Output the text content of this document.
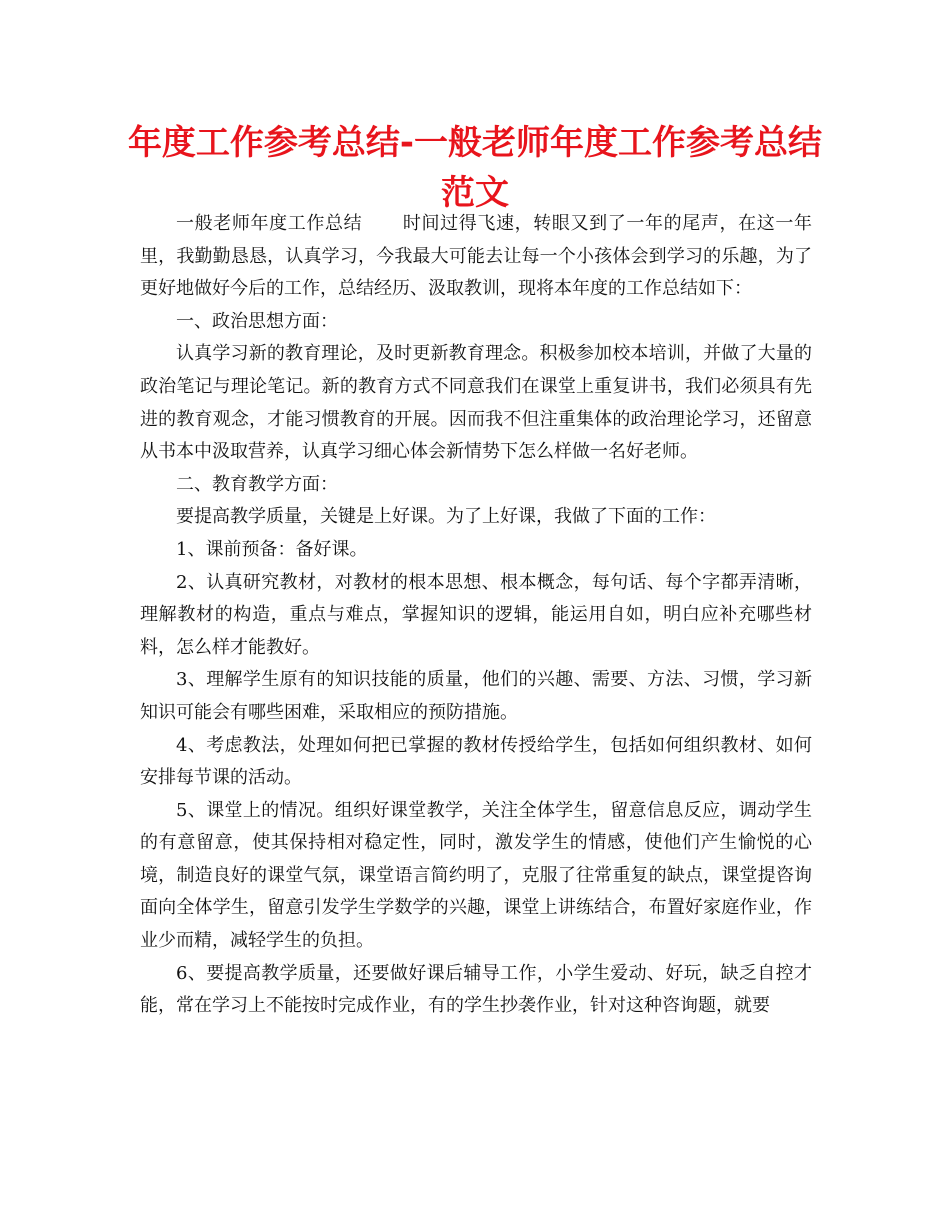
年度工作参考总结-一般老师年度工作参考总结范文

一般老师年度工作总结 时间过得飞速，转眼又到了一年的尾声，在这一年里，我勤勤恳恳，认真学习，今我最大可能去让每一个小孩体会到学习的乐趣，为了更好地做好今后的工作，总结经历、汲取教训，现将本年度的工作总结如下：

一、政治思想方面：

认真学习新的教育理论，及时更新教育理念。积极参加校本培训，并做了大量的政治笔记与理论笔记。新的教育方式不同意我们在课堂上重复讲书，我们必须具有先进的教育观念，才能习惯教育的开展。因而我不但注重集体的政治理论学习，还留意从书本中汲取营养，认真学习细心体会新情势下怎么样做一名好老师。

二、教育教学方面：

要提高教学质量，关键是上好课。为了上好课，我做了下面的工作：

1、课前预备：备好课。

2、认真研究教材，对教材的根本思想、根本概念，每句话、每个字都弄清晰，理解教材的构造，重点与难点，掌握知识的逻辑，能运用自如，明白应补充哪些材料，怎么样才能教好。

3、理解学生原有的知识技能的质量，他们的兴趣、需要、方法、习惯，学习新知识可能会有哪些困难，采取相应的预防措施。

4、考虑教法，处理如何把已掌握的教材传授给学生，包括如何组织教材、如何安排每节课的活动。

5、课堂上的情况。组织好课堂教学，关注全体学生，留意信息反应，调动学生的有意留意，使其保持相对稳定性，同时，激发学生的情感，使他们产生愉悦的心境，制造良好的课堂气氛，课堂语言简约明了，克服了往常重复的缺点，课堂提咨询面向全体学生，留意引发学生学数学的兴趣，课堂上讲练结合，布置好家庭作业，作业少而精，减轻学生的负担。

6、要提高教学质量，还要做好课后辅导工作，小学生爱动、好玩，缺乏自控才能，常在学习上不能按时完成作业，有的学生抄袭作业，针对这种咨询题，就要
